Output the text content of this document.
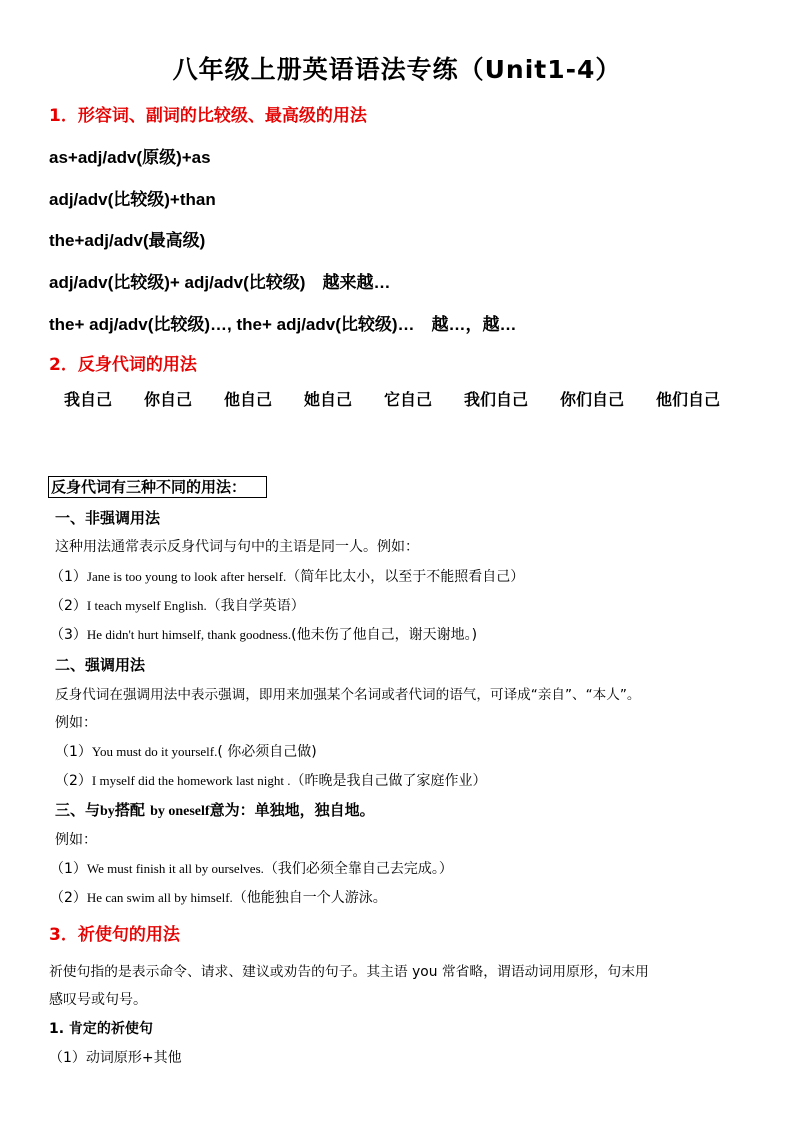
八年级上册英语语法专练（Unit1-4）
1．形容词、副词的比较级、最高级的用法
as+adj/adv(原级)+as
adj/adv(比较级)+than
the+adj/adv(最高级)
adj/adv(比较级)+ adj/adv(比较级)　越来越…
the+ adj/adv(比较级)…, the+ adj/adv(比较级)…　越…，越…
2．反身代词的用法
我自己 你自己 他自己 她自己 它自己 我们自己 你们自己 他们自己
反身代词有三种不同的用法：
一、非强调用法
这种用法通常表示反身代词与句中的主语是同一人。例如：
（1）Jane is too young to look after herself.（简年比太小，以至于不能照看自己）
（2）I teach myself English.（我自学英语）
（3）He didn't hurt himself, thank goodness.(他未伤了他自己，谢天谢地。)
二、强调用法
反身代词在强调用法中表示强调，即用来加强某个名词或者代词的语气，可译成“亲自”、“本人”。
例如：
（1）You must do it yourself.( 你必须自己做)
（2）I myself did the homework last night .（昨晚是我自己做了家庭作业）
三、与by搭配 by oneself意为：单独地，独自地。
例如：
（1）We must finish it all by ourselves.（我们必须全靠自己去完成。）
（2）He can swim all by himself.（他能独自一个人游泳。
3．祈使句的用法
祈使句指的是表示命令、请求、建议或劝告的句子。其主语 you 常省略，谓语动词用原形，句末用
感叹号或句号。
1. 肯定的祈使句
（1）动词原形+其他
